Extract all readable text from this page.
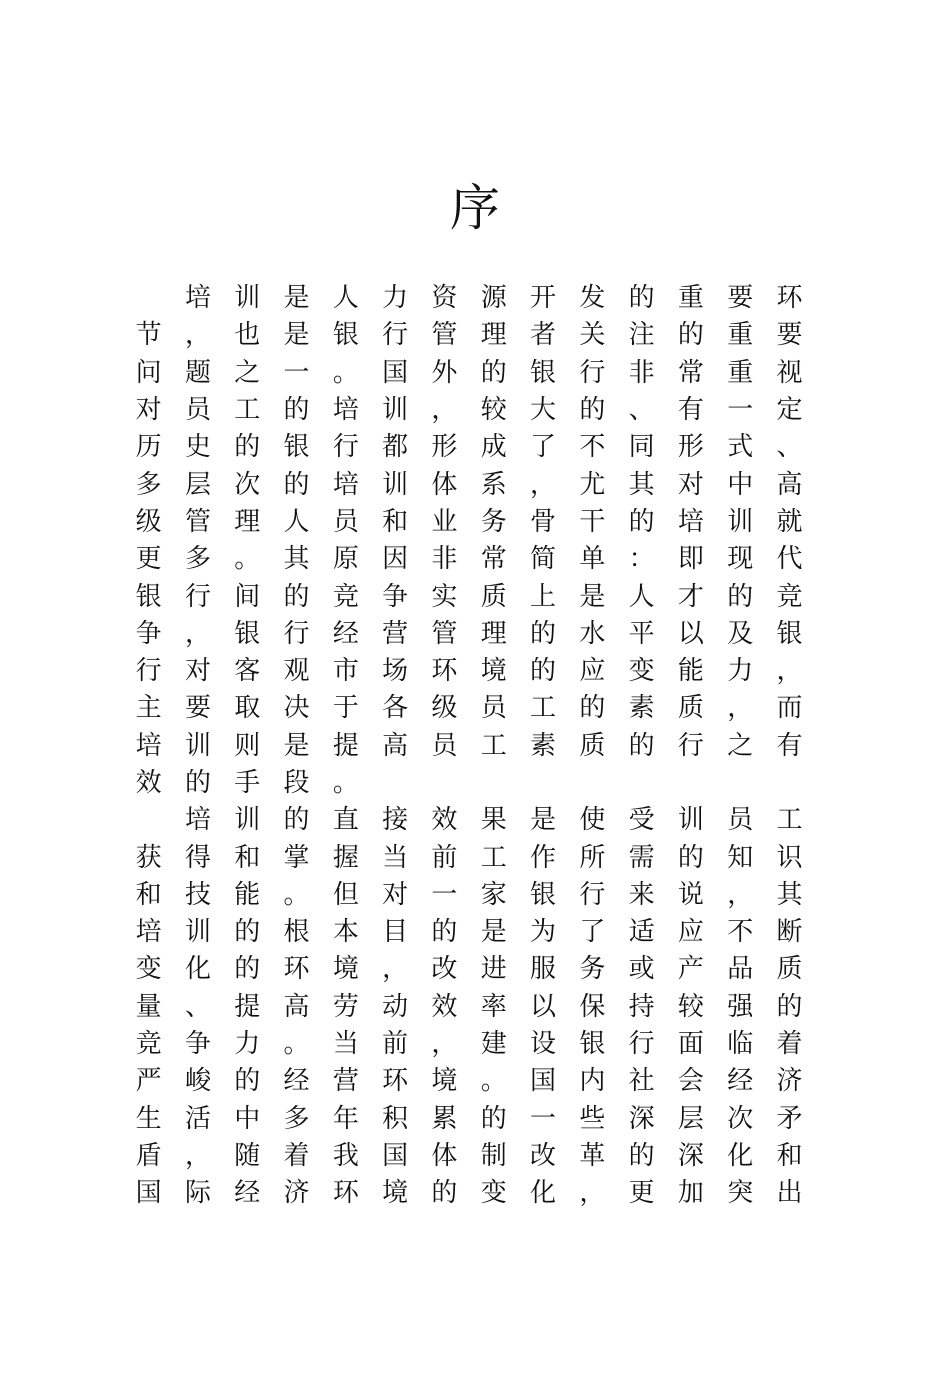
序

培 训 是 人 力 资 源 开 发 的 重 要 环
节 ， 也 是 银 行 管 理 者 关 注 的 重 要
问 题 之 一 。 国 外 的 银 行 非 常 重 视
对 员 工 的 培 训 ， 较 大 的 、 有 一 定
历 史 的 银 行 都 形 成 了 不 同 形 式 、
多 层 次 的 培 训 体 系 ， 尤 其 对 中 高
级 管 理 人 员 和 业 务 骨 干 的 培 训 就
更 多 。 其 原 因 非 常 简 单 ： 即 现 代
银 行 间 的 竞 争 实 质 上 是 人 才 的 竞
争 ， 银 行 经 营 管 理 的 水 平 以 及 银
行 对 客 观 市 场 环 境 的 应 变 能 力 ，
主 要 取 决 于 各 级 员 工 的 素 质 ， 而
培 训 则 是 提 高 员 工 素 质 的 行 之 有
效 的 手 段 。

培 训 的 直 接 效 果 是 使 受 训 员 工
获 得 和 掌 握 当 前 工 作 所 需 的 知 识
和 技 能 。 但 对 一 家 银 行 来 说 ， 其
培 训 的 根 本 目 的 是 为 了 适 应 不 断
变 化 的 环 境 ， 改 进 服 务 或 产 品 质
量 、 提 高 劳 动 效 率 以 保 持 较 强 的
竞 争 力 。 当 前 ， 建 设 银 行 面 临 着
严 峻 的 经 营 环 境 。 国 内 社 会 经 济
生 活 中 多 年 积 累 的 一 些 深 层 次 矛
盾 ， 随 着 我 国 体 制 改 革 的 深 化 和
国 际 经 济 环 境 的 变 化 ， 更 加 突 出
